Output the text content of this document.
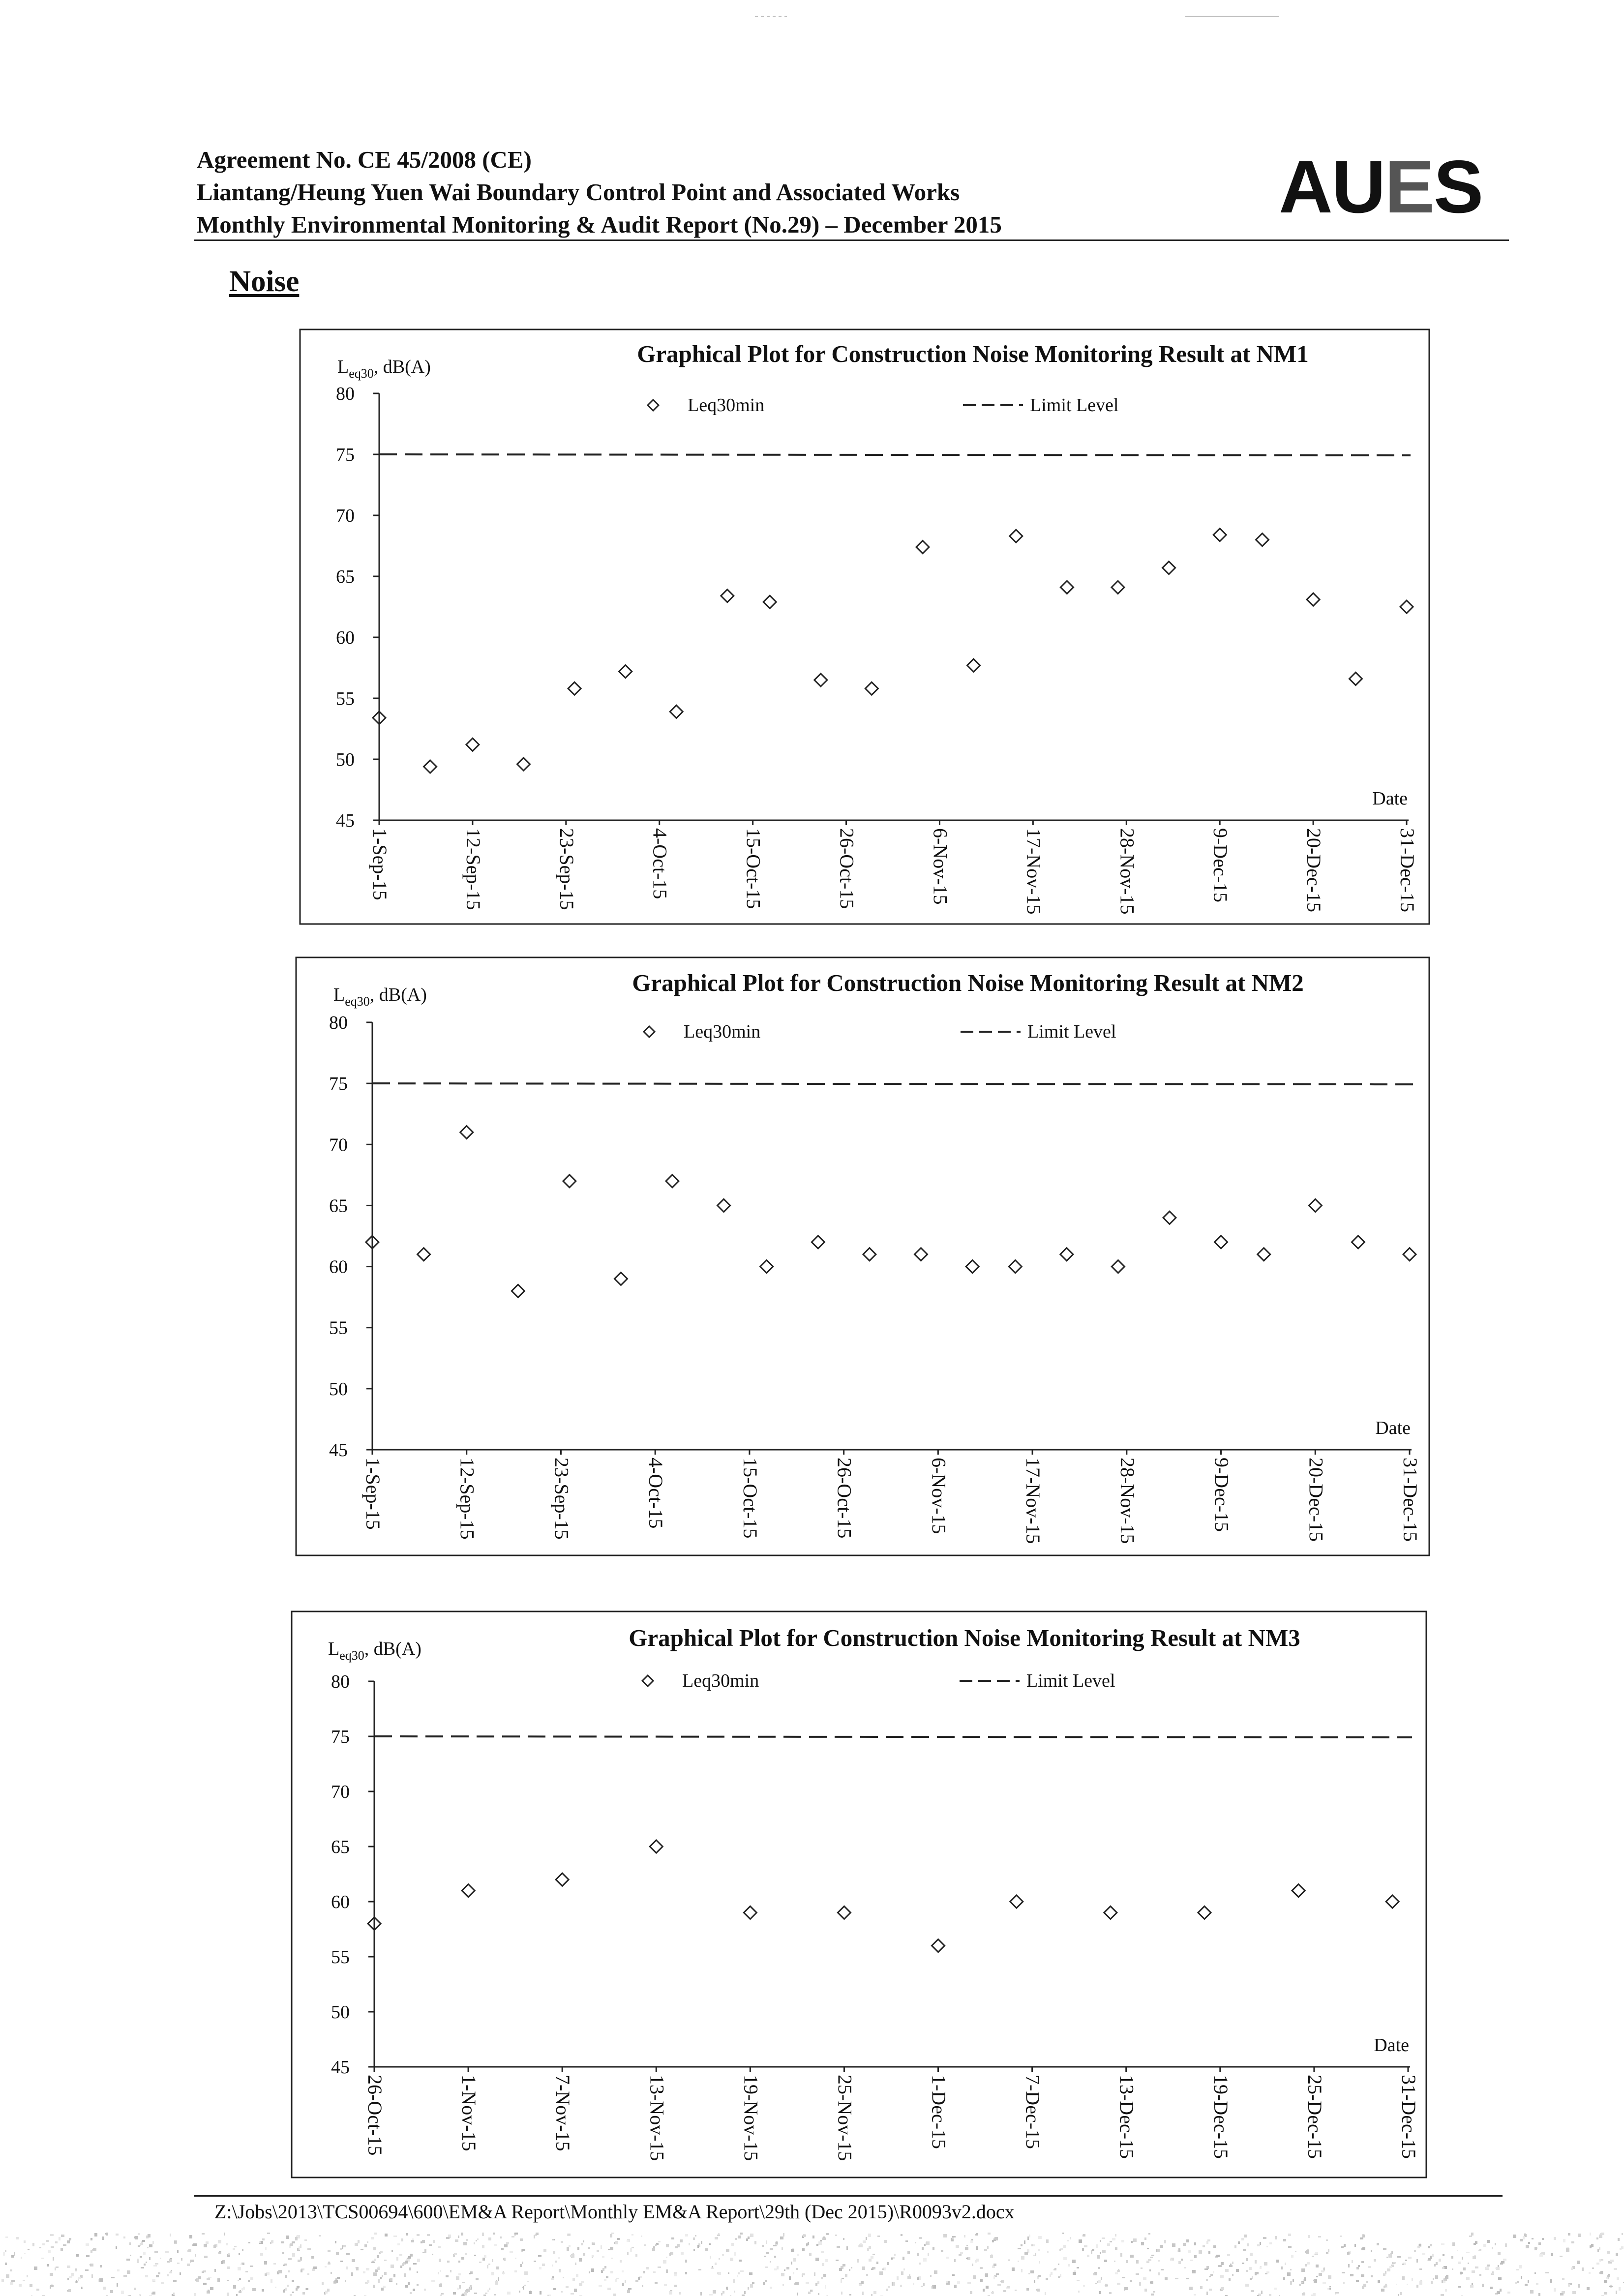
Agreement No. CE 45/2008 (CE)
Liantang/Heung Yuen Wai Boundary Control Point and Associated Works
Monthly Environmental Monitoring & Audit Report (No.29) – December 2015	AUES
Noise
Graphical Plot for Construction Noise Monitoring Result at NM1
$L_{eq30}$, dB(A)
45
50
55
60
65
70
75
80
1-Sep-15	12-Sep-15	23-Sep-15	4-Oct-15	15-Oct-15	26-Oct-15	6-Nov-15	17-Nov-15	28-Nov-15	9-Dec-15	20-Dec-15	31-Dec-15
Date
Leq30min	Limit Level
Graphical Plot for Construction Noise Monitoring Result at NM2
$L_{eq30}$, dB(A)
45
50
55
60
65
70
75
80
1-Sep-15	12-Sep-15	23-Sep-15	4-Oct-15	15-Oct-15	26-Oct-15	6-Nov-15	17-Nov-15	28-Nov-15	9-Dec-15	20-Dec-15	31-Dec-15
Date
Leq30min	Limit Level
Graphical Plot for Construction Noise Monitoring Result at NM3
$L_{eq30}$, dB(A)
45
50
55
60
65
70
75
80
26-Oct-15	1-Nov-15	7-Nov-15	13-Nov-15	19-Nov-15	25-Nov-15	1-Dec-15	7-Dec-15	13-Dec-15	19-Dec-15	25-Dec-15	31-Dec-15
Date
Leq30min	Limit Level
Z:\Jobs\2013\TCS00694\600\EM&A Report\Monthly EM&A Report\29th (Dec 2015)\R0093v2.docx
